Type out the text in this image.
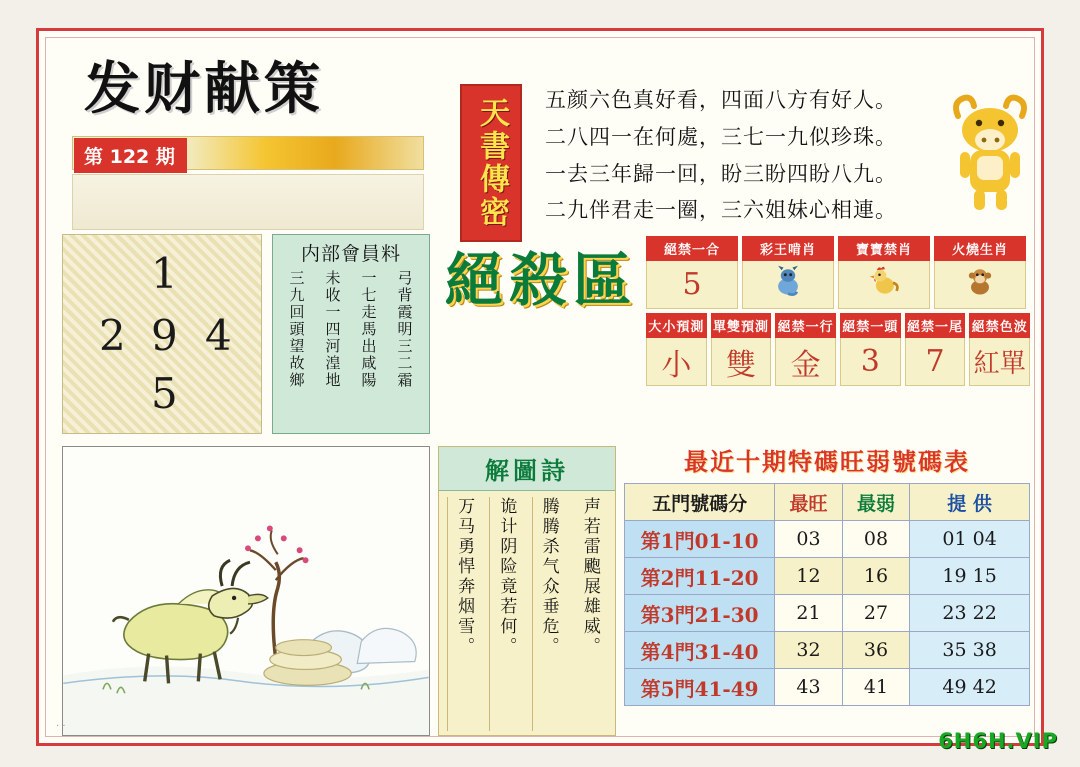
发财献策
第 122 期	天書傳密 五颜六色真好看，四面八方有好人。
二八四一在何處，三七一九似珍珠。
一去三年歸一回，盼三盼四盼八九。
二九伴君走一圈，三六姐妹心相連。
1
2 9 4
5
内部會員料
弓背霞明三二霜
一七走馬出咸陽
未收一四河湟地
三九回頭望故鄉 絕殺區	絕禁一合
5
彩王啃肖	寶寶禁肖	火燒生肖
大小預測
小
單雙預測
雙
絕禁一行
金
絕禁一頭
3
絕禁一尾
7
絕禁色波
紅單
解圖詩
声若雷颮展雄威。
腾腾杀气众垂危。
诡计阴险竟若何。
万马勇悍奔烟雪。
最近十期特碼旺弱號碼表
五門號碼分	最旺	最弱	提 供
第1門01-10	03	08	01 04
第2門11-20	12	16	19 15
第3門21-30	21	27	23 22
第4門31-40	32	36	35 38
第5門41-49	43	41	49 42
· ·
6H6H.VIP
